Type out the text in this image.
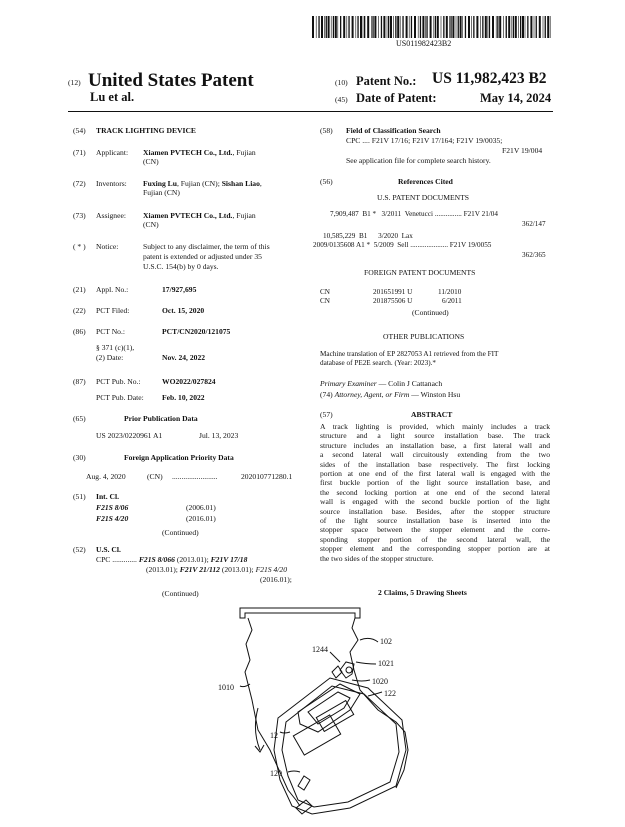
US011982423B2
(12) United States Patent
Lu et al.
(10) Patent No.: US 11,982,423 B2
(45) Date of Patent:	May 14, 2024
(54) TRACK LIGHTING DEVICE
(71) Applicant: Xiamen PVTECH Co., Ltd., Fujian
(CN)
(72) Inventors: Fuxing Lu, Fujian (CN); Sishan Liao,
Fujian (CN)
(73) Assignee: Xiamen PVTECH Co., Ltd., Fujian
(CN)
( * ) Notice:	Subject to any disclaimer, the term of this
patent is extended or adjusted under 35
U.S.C. 154(b) by 0 days.
(21) Appl. No.:	17/927,695
(22) PCT Filed:	Oct. 15, 2020
(86) PCT No.:	PCT/CN2020/121075
§ 371 (c)(1),
(2) Date:	Nov. 24, 2022
(87) PCT Pub. No.:	WO2022/027824
PCT Pub. Date: Feb. 10, 2022
(65)	Prior Publication Data
US 2023/0220961 A1	Jul. 13, 2023
(30)	Foreign Application Priority Data
Aug. 4, 2020	(CN) ........................	202010771280.1
(51) Int. Cl.
F21S 8/06	(2006.01)
F21S 4/20	(2016.01)
(Continued)
(52) U.S. Cl.
CPC ............. F21S 8/066 (2013.01); F21V 17/18
(2013.01); F21V 21/112 (2013.01); F21S 4/20
(2016.01);
(Continued)
(58) Field of Classification Search
CPC .... F21V 17/16; F21V 17/164; F21V 19/0035;
F21V 19/004
See application file for complete search history.
(56)	References Cited
U.S. PATENT DOCUMENTS
7,909,487 B1 * 3/2011 Venetucci ............... F21V 21/04
362/147
10,585,229 B1 3/2020 Lax
2009/0135608 A1 * 5/2009 Sell ..................... F21V 19/0055
362/365
FOREIGN PATENT DOCUMENTS
CN	201651991 U	11/2010
CN	201875506 U	6/2011
(Continued)
OTHER PUBLICATIONS
Machine translation of EP 2827053 A1 retrieved from the FIT
database of PE2E search. (Year: 2023).*
Primary Examiner — Colin J Cattanach
(74) Attorney, Agent, or Firm — Winston Hsu
(57)	ABSTRACT
A track lighting is provided, which mainly includes a track
structure and a light source installation base. The track
structure includes an installation base, a first lateral wall and
a second lateral wall circuitously extending from the two
sides of the installation base respectively. The first locking
portion at one end of the first lateral wall is engaged with the
first buckle portion of the light source installation base, and
the second locking portion at one end of the second lateral
wall is engaged with the second buckle portion of the light
source installation base. Besides, after the stopper structure
of the light source installation base is inserted into the
stopper space between the stopper element and the corre-
sponding stopper portion of the second lateral wall, the
stopper element and the corresponding stopper portion are at
the two sides of the stopper structure.
2 Claims, 5 Drawing Sheets
102
1244
1021
1020
122
1010
12
120
